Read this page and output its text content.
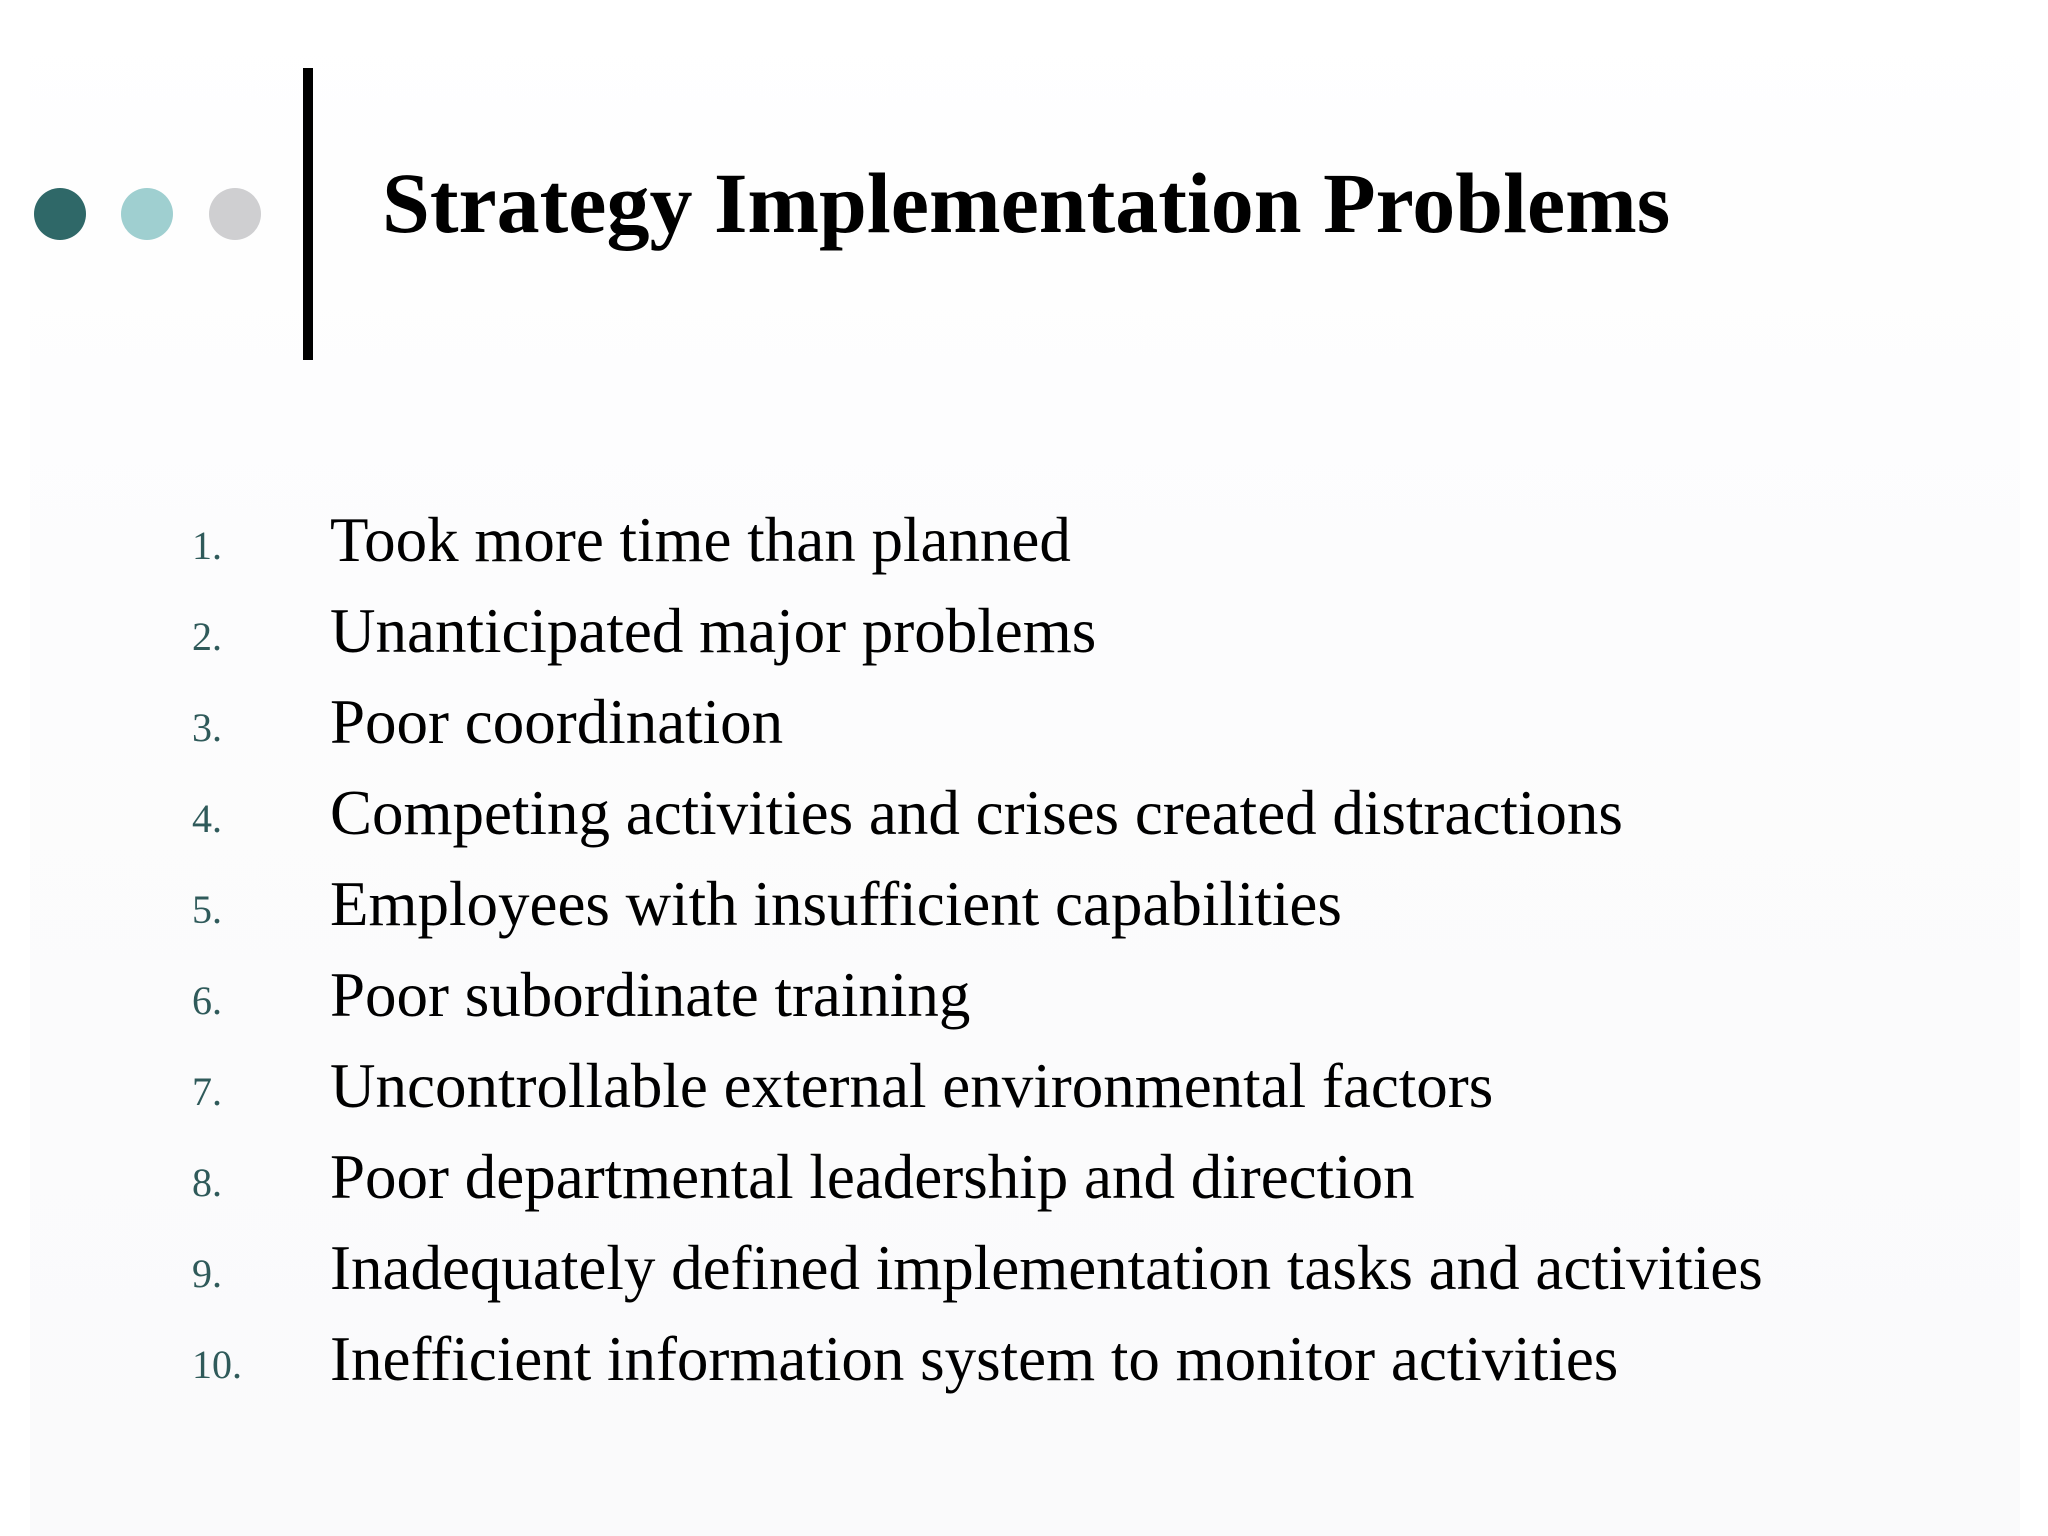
Strategy Implementation Problems
1. Took more time than planned
2. Unanticipated major problems
3. Poor coordination
4. Competing activities and crises created distractions
5. Employees with insufficient capabilities
6. Poor subordinate training
7. Uncontrollable external environmental factors
8. Poor departmental leadership and direction
9. Inadequately defined implementation tasks and activities
10. Inefficient information system to monitor activities
